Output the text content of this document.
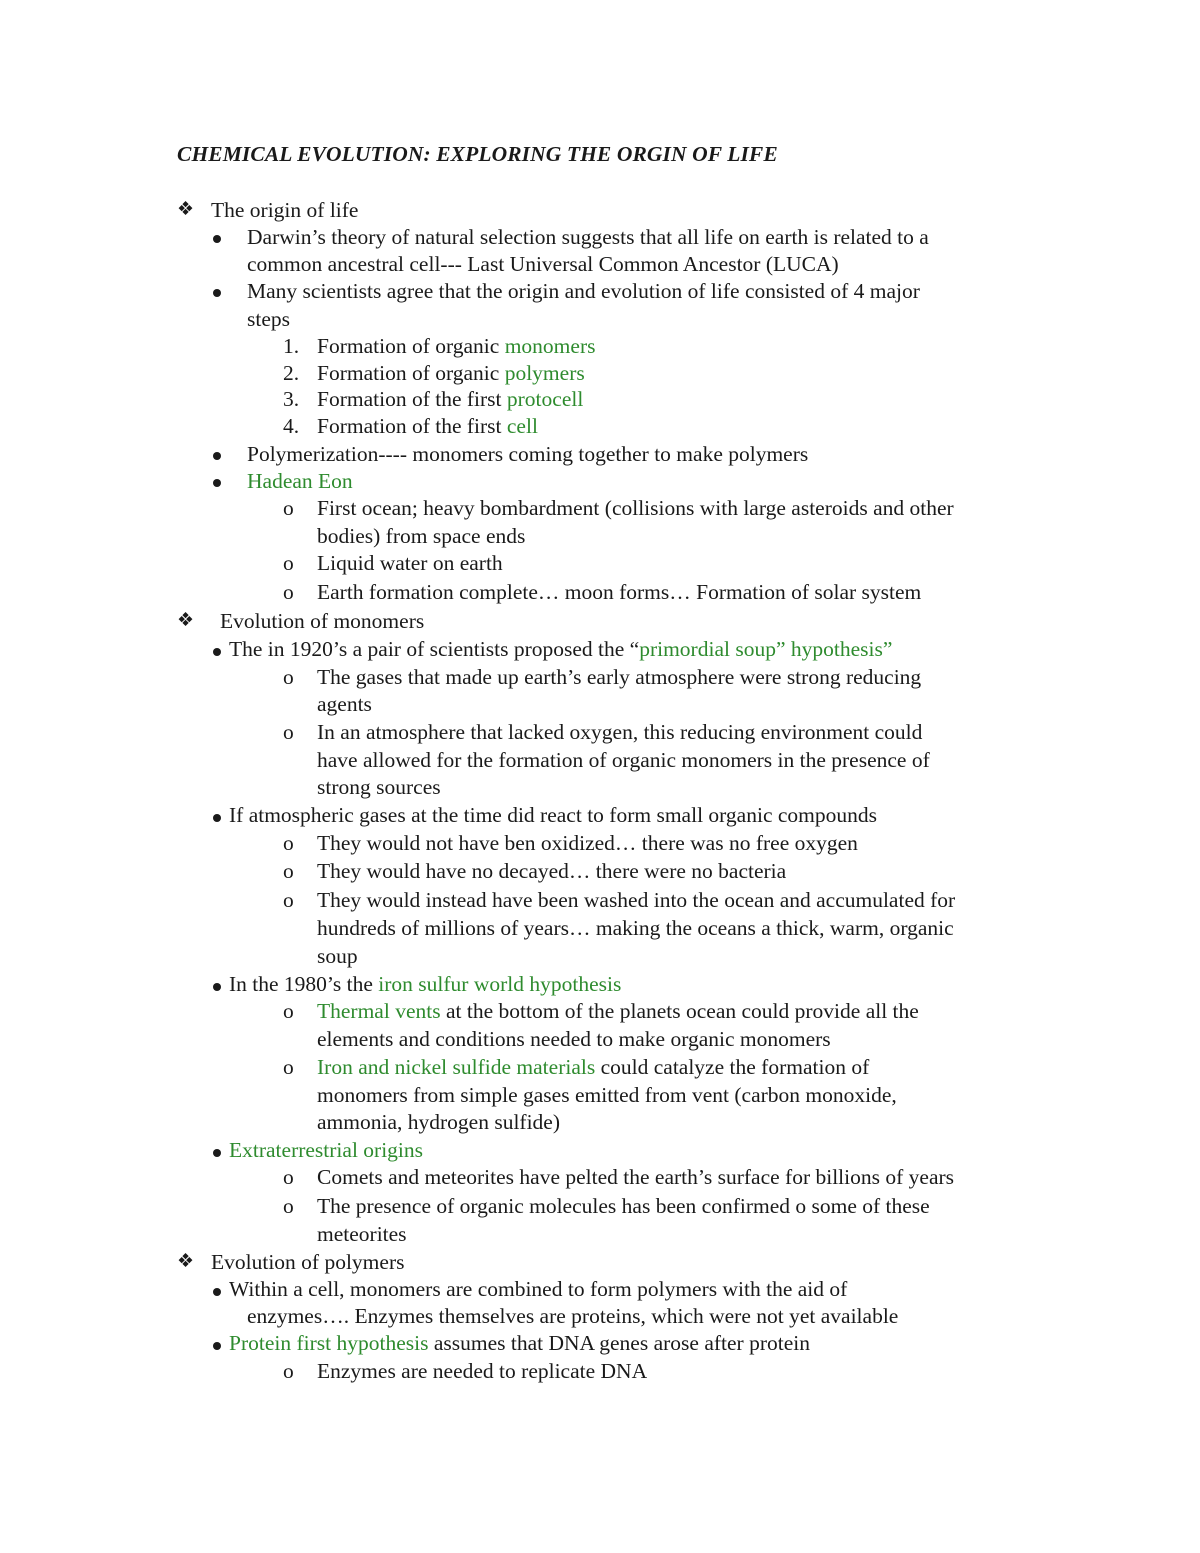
CHEMICAL EVOLUTION: EXPLORING THE ORGIN OF LIFE
❖ The origin of life
Darwin’s theory of natural selection suggests that all life on earth is related to a
common ancestral cell--- Last Universal Common Ancestor (LUCA)
Many scientists agree that the origin and evolution of life consisted of 4 major
steps
1. Formation of organic monomers
2. Formation of organic polymers
3. Formation of the first protocell
4. Formation of the first cell
Polymerization---- monomers coming together to make polymers
Hadean Eon
o First ocean; heavy bombardment (collisions with large asteroids and other
bodies) from space ends
o Liquid water on earth
o Earth formation complete… moon forms… Formation of solar system
❖ Evolution of monomers
The in 1920’s a pair of scientists proposed the “primordial soup” hypothesis”
o The gases that made up earth’s early atmosphere were strong reducing
agents
o In an atmosphere that lacked oxygen, this reducing environment could
have allowed for the formation of organic monomers in the presence of
strong sources
If atmospheric gases at the time did react to form small organic compounds
o They would not have ben oxidized… there was no free oxygen
o They would have no decayed… there were no bacteria
o They would instead have been washed into the ocean and accumulated for
hundreds of millions of years… making the oceans a thick, warm, organic
soup
In the 1980’s the iron sulfur world hypothesis
o Thermal vents at the bottom of the planets ocean could provide all the
elements and conditions needed to make organic monomers
o Iron and nickel sulfide materials could catalyze the formation of
monomers from simple gases emitted from vent (carbon monoxide,
ammonia, hydrogen sulfide)
Extraterrestrial origins
o Comets and meteorites have pelted the earth’s surface for billions of years
o The presence of organic molecules has been confirmed o some of these
meteorites
❖ Evolution of polymers
Within a cell, monomers are combined to form polymers with the aid of
enzymes…. Enzymes themselves are proteins, which were not yet available
Protein first hypothesis assumes that DNA genes arose after protein
o Enzymes are needed to replicate DNA
